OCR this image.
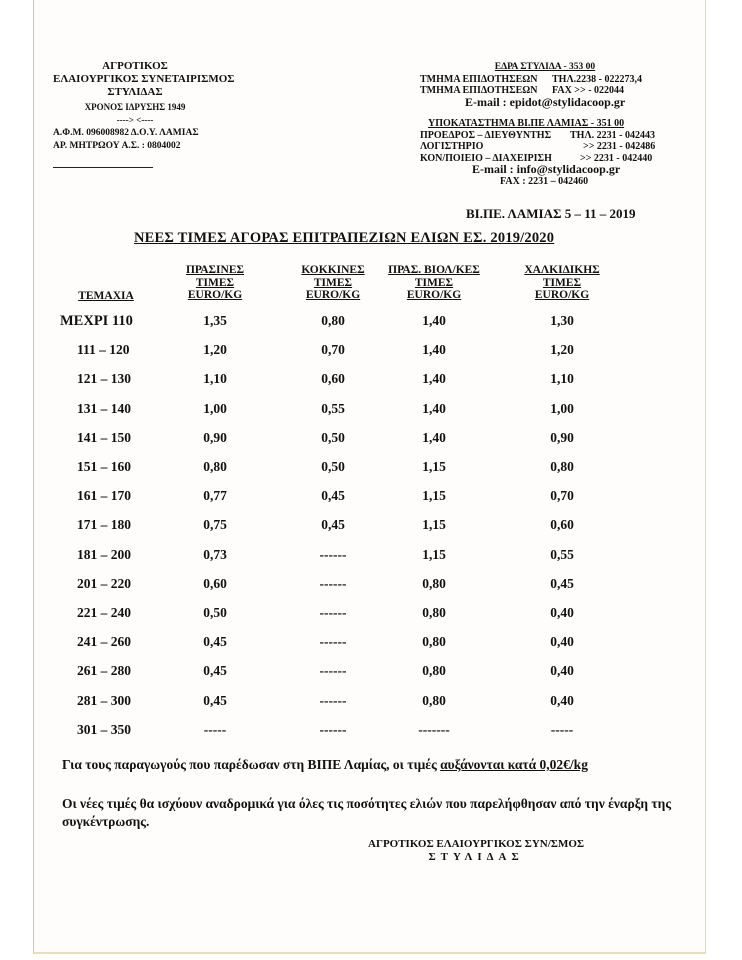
ΑΓΡΟΤΙΚΟΣ
ΕΛΑΙΟΥΡΓΙΚΟΣ ΣΥΝΕΤΑΙΡΙΣΜΟΣ
ΣΤΥΛΙΔΑΣ
ΧΡΟΝΟΣ ΙΔΡΥΣΗΣ 1949
----> <----
Α.Φ.Μ. 096008982 Δ.Ο.Υ. ΛΑΜΙΑΣ
ΑΡ. ΜΗΤΡΩΟΥ Α.Σ. : 0804002
ΕΔΡΑ ΣΤΥΛΙΔΑ - 353 00
ΤΜΗΜΑ ΕΠΙΔΟΤΗΣΕΩΝ	ΤΗΛ.2238 - 022273,4
ΤΜΗΜΑ ΕΠΙΔΟΤΗΣΕΩΝ	FAX >> - 022044
E-mail : epidot@stylidacoop.gr
ΥΠΟΚΑΤΑΣΤΗΜΑ ΒΙ.ΠΕ ΛΑΜΙΑΣ - 351 00
ΠΡΟΕΔΡΟΣ – ΔΙΕΥΘΥΝΤΗΣ	ΤΗΛ. 2231 - 042443
ΛΟΓΙΣΤΗΡΙΟ	>> 2231 - 042486
ΚΟΝ/ΠΟΙΕΙΟ – ΔΙΑΧΕΙΡΙΣΗ	>> 2231 - 042440
E-mail : info@stylidacoop.gr
FAX : 2231 – 042460
ΒΙ.ΠΕ. ΛΑΜΙΑΣ 5 – 11 – 2019
ΝΕΕΣ ΤΙΜΕΣ ΑΓΟΡΑΣ ΕΠΙΤΡΑΠΕΖΙΩΝ ΕΛΙΩΝ ΕΣ. 2019/2020
ΤΕΜΑΧΙΑ
ΠΡΑΣΙΝΕΣ
ΤΙΜΕΣ
EURO/KG
ΚΟΚΚΙΝΕΣ
ΤΙΜΕΣ
EURO/KG
ΠΡΑΣ. ΒΙΟΛ/ΚΕΣ
ΤΙΜΕΣ
EURO/KG
ΧΑΛΚΙΔΙΚΗΣ
ΤΙΜΕΣ
EURO/KG
ΜΕΧΡΙ 110	1,35	0,80	1,40	1,30
111 – 120	1,20	0,70	1,40	1,20
121 – 130	1,10	0,60	1,40	1,10
131 – 140	1,00	0,55	1,40	1,00
141 – 150	0,90	0,50	1,40	0,90
151 – 160	0,80	0,50	1,15	0,80
161 – 170	0,77	0,45	1,15	0,70
171 – 180	0,75	0,45	1,15	0,60
181 – 200	0,73	------	1,15	0,55
201 – 220	0,60	------	0,80	0,45
221 – 240	0,50	------	0,80	0,40
241 – 260	0,45	------	0,80	0,40
261 – 280	0,45	------	0,80	0,40
281 – 300	0,45	------	0,80	0,40
301 – 350	-----	------	-------	-----
Για τους παραγωγούς που παρέδωσαν στη ΒΙΠΕ Λαμίας, οι τιμές αυξάνονται κατά 0,02€/kg
Οι νέες τιμές θα ισχύουν αναδρομικά για όλες τις ποσότητες ελιών που παρελήφθησαν από την έναρξη της συγκέντρωσης.
ΑΓΡΟΤΙΚΟΣ ΕΛΑΙΟΥΡΓΙΚΟΣ ΣΥΝ/ΣΜΟΣ
ΣΤΥΛΙΔΑΣ
